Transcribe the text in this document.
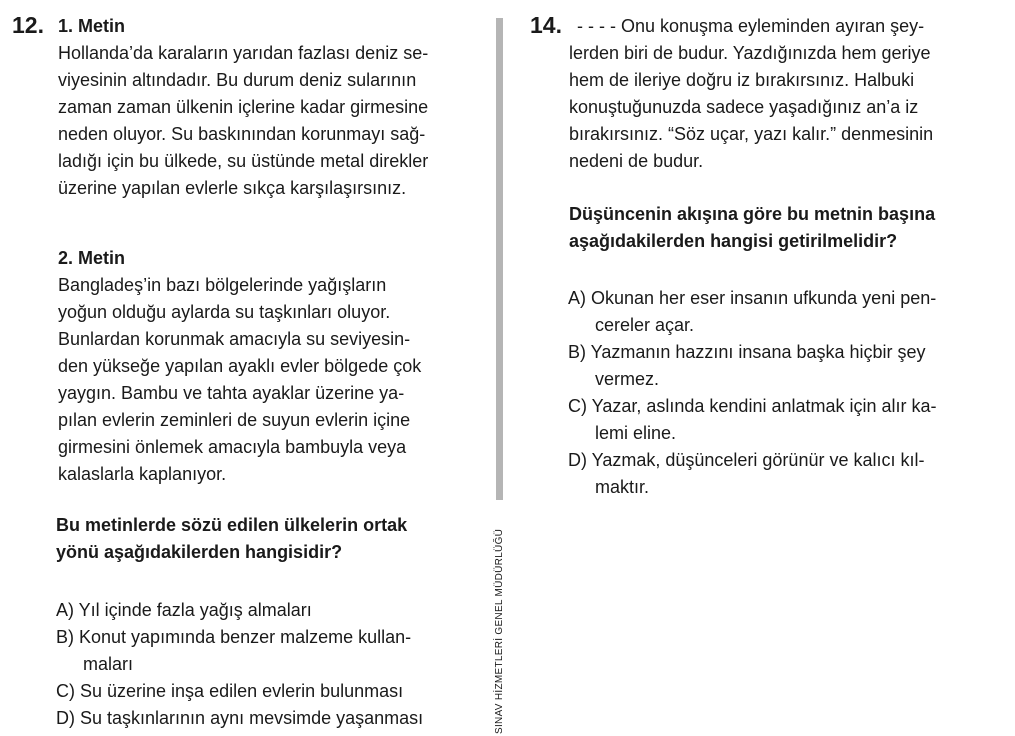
12. 1. Metin
Hollanda’da karaların yarıdan fazlası deniz se-
viyesinin altındadır. Bu durum deniz sularının
zaman zaman ülkenin içlerine kadar girmesine
neden oluyor. Su baskınından korunmayı sağ-
ladığı için bu ülkede, su üstünde metal direkler
üzerine yapılan evlerle sıkça karşılaşırsınız.
2. Metin
Bangladeş’in bazı bölgelerinde yağışların
yoğun olduğu aylarda su taşkınları oluyor.
Bunlardan korunmak amacıyla su seviyesin-
den yükseğe yapılan ayaklı evler bölgede çok
yaygın. Bambu ve tahta ayaklar üzerine ya-
pılan evlerin zeminleri de suyun evlerin içine
girmesini önlemek amacıyla bambuyla veya
kalaslarla kaplanıyor.
Bu metinlerde sözü edilen ülkelerin ortak
yönü aşağıdakilerden hangisidir?
A) Yıl içinde fazla yağış almaları
B) Konut yapımında benzer malzeme kullan-
maları
C) Su üzerine inşa edilen evlerin bulunması
D) Su taşkınlarının aynı mevsimde yaşanması	SINAV HİZMETLERİ GENEL MÜDÜRLÜĞÜ
14. - - - - Onu konuşma eyleminden ayıran şey-
lerden biri de budur. Yazdığınızda hem geriye
hem de ileriye doğru iz bırakırsınız. Halbuki
konuştuğunuzda sadece yaşadığınız an’a iz
bırakırsınız. “Söz uçar, yazı kalır.” denmesinin
nedeni de budur.
Düşüncenin akışına göre bu metnin başına
aşağıdakilerden hangisi getirilmelidir?
A) Okunan her eser insanın ufkunda yeni pen-
cereler açar.
B) Yazmanın hazzını insana başka hiçbir şey
vermez.
C) Yazar, aslında kendini anlatmak için alır ka-
lemi eline.
D) Yazmak, düşünceleri görünür ve kalıcı kıl-
maktır.
